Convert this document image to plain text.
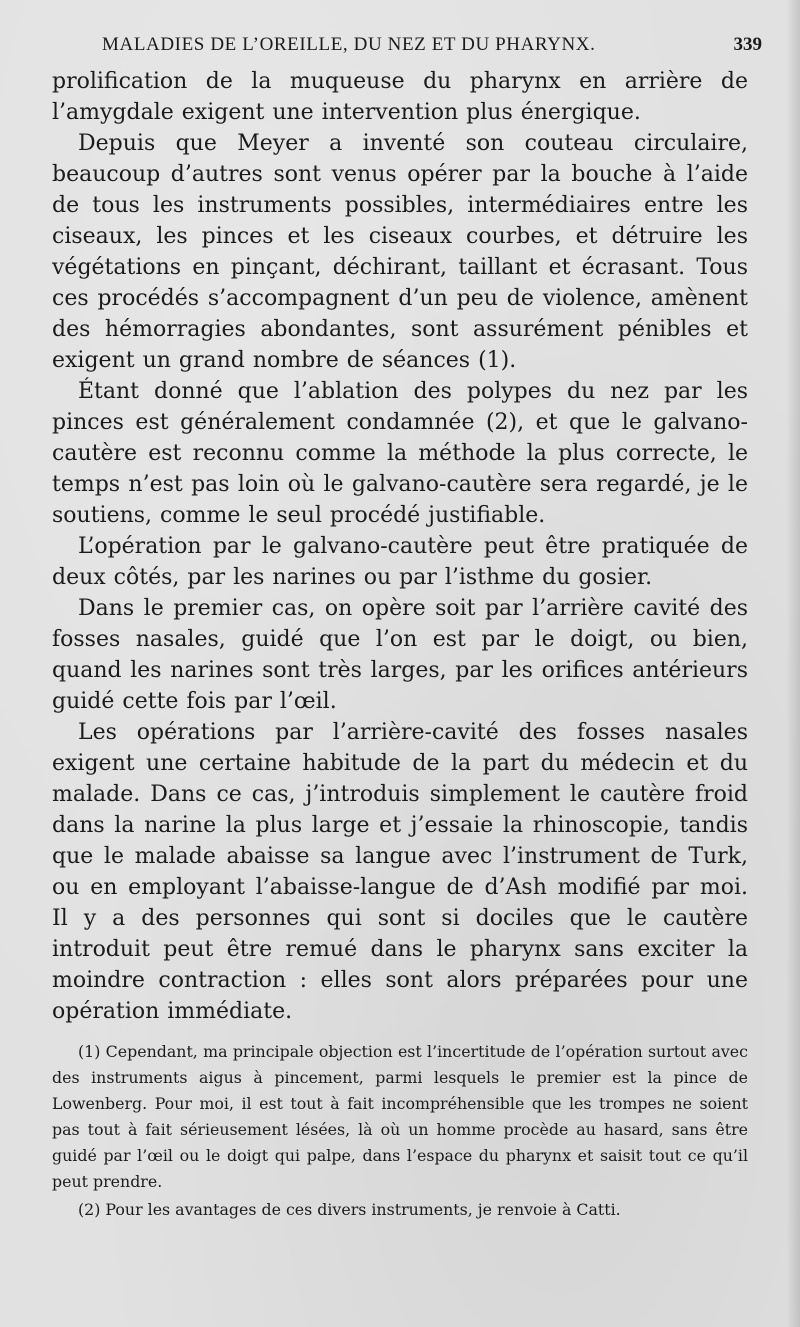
MALADIES DE L’OREILLE, DU NEZ ET DU PHARYNX.	339

prolification de la muqueuse du pharynx en arrière de l’amygdale exigent une intervention plus énergique.

Depuis que Meyer a inventé son couteau circulaire, beaucoup d’autres sont venus opérer par la bouche à l’aide de tous les instruments possibles, intermédiaires entre les ciseaux, les pinces et les ciseaux courbes, et détruire les végétations en pinçant, déchirant, taillant et écrasant. Tous ces procédés s’accompagnent d’un peu de violence, amènent des hémorragies abondantes, sont assurément pénibles et exigent un grand nombre de séances (1).

Étant donné que l’ablation des polypes du nez par les pinces est généralement condamnée (2), et que le galvano-cautère est reconnu comme la méthode la plus correcte, le temps n’est pas loin où le galvano-cautère sera regardé, je le soutiens, comme le seul procédé justifiable.

L’opération par le galvano-cautère peut être pratiquée de deux côtés, par les narines ou par l’isthme du gosier.

Dans le premier cas, on opère soit par l’arrière cavité des fosses nasales, guidé que l’on est par le doigt, ou bien, quand les narines sont très larges, par les orifices antérieurs guidé cette fois par l’œil.

Les opérations par l’arrière-cavité des fosses nasales exigent une certaine habitude de la part du médecin et du malade. Dans ce cas, j’introduis simplement le cautère froid dans la narine la plus large et j’essaie la rhinoscopie, tandis que le malade abaisse sa langue avec l’instrument de Turk, ou en employant l’abaisse-langue de d’Ash modifié par moi. Il y a des personnes qui sont si dociles que le cautère introduit peut être remué dans le pharynx sans exciter la moindre contraction : elles sont alors préparées pour une opération immédiate.

(1) Cependant, ma principale objection est l’incertitude de l’opération surtout avec des instruments aigus à pincement, parmi lesquels le premier est la pince de Lowenberg. Pour moi, il est tout à fait incompréhensible que les trompes ne soient pas tout à fait sérieusement lésées, là où un homme procède au hasard, sans être guidé par l’œil ou le doigt qui palpe, dans l’espace du pharynx et saisit tout ce qu’il peut prendre.

(2) Pour les avantages de ces divers instruments, je renvoie à Catti.
